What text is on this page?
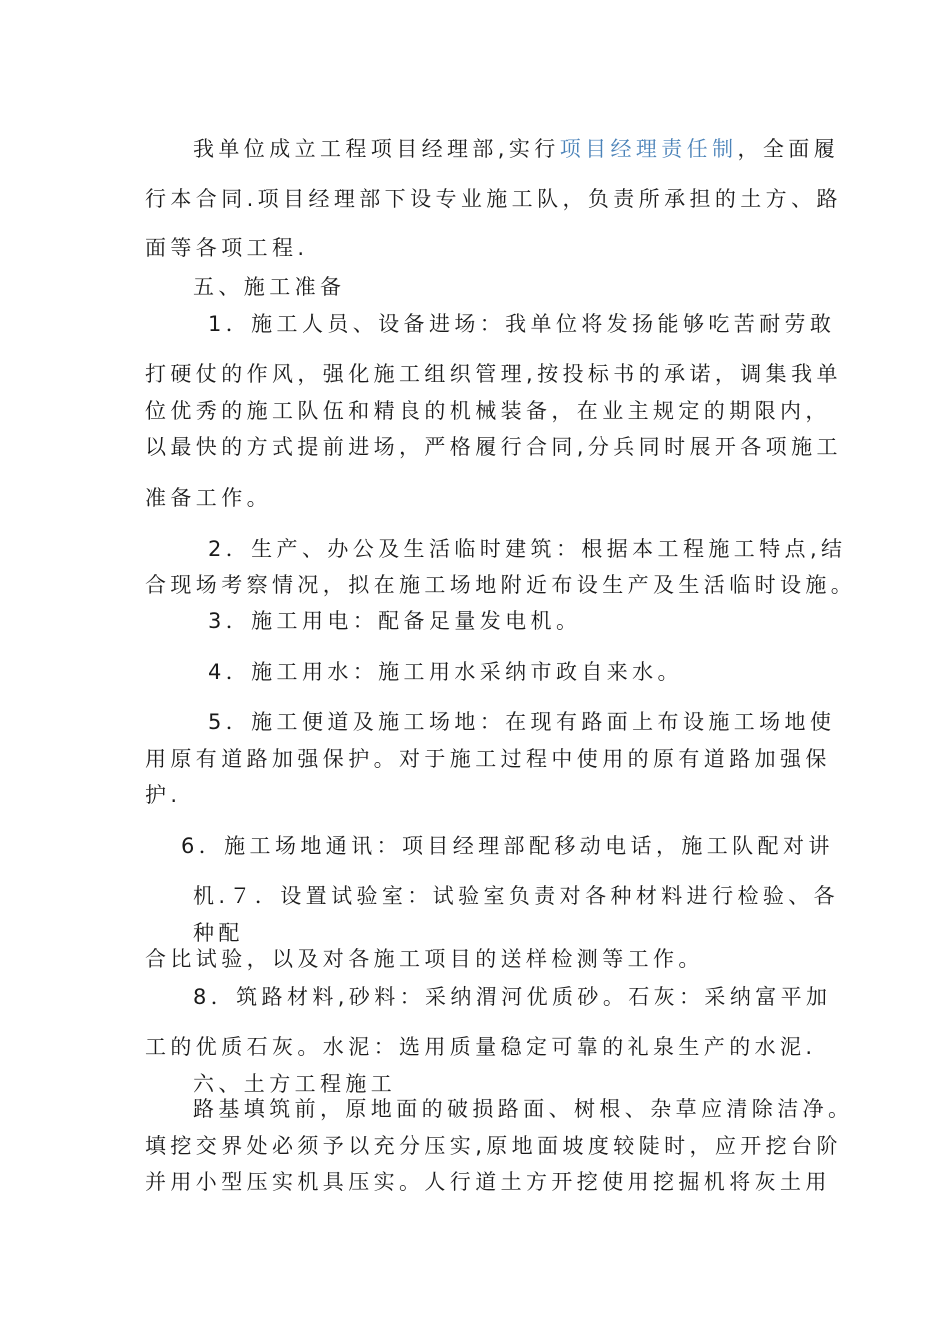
我单位成立工程项目经理部,实行项目经理责任制，全面履
行本合同.项目经理部下设专业施工队，负责所承担的土方、路
面等各项工程.
五、施工准备
1．施工人员、设备进场：我单位将发扬能够吃苦耐劳敢
打硬仗的作风，强化施工组织管理,按投标书的承诺，调集我单
位优秀的施工队伍和精良的机械装备，在业主规定的期限内，
以最快的方式提前进场，严格履行合同,分兵同时展开各项施工
准备工作。
2．生产、办公及生活临时建筑：根据本工程施工特点,结
合现场考察情况，拟在施工场地附近布设生产及生活临时设施。
3．施工用电：配备足量发电机。
4．施工用水：施工用水采纳市政自来水。
5．施工便道及施工场地：在现有路面上布设施工场地使
用原有道路加强保护。对于施工过程中使用的原有道路加强保
护.
6．施工场地通讯：项目经理部配移动电话，施工队配对讲
机.７．设置试验室：试验室负责对各种材料进行检验、各
种配
合比试验，以及对各施工项目的送样检测等工作。
8．筑路材料,砂料：采纳渭河优质砂。石灰：采纳富平加
工的优质石灰。水泥：选用质量稳定可靠的礼泉生产的水泥.
六、土方工程施工
路基填筑前，原地面的破损路面、树根、杂草应清除洁净。
填挖交界处必须予以充分压实,原地面坡度较陡时，应开挖台阶
并用小型压实机具压实。人行道土方开挖使用挖掘机将灰土用
